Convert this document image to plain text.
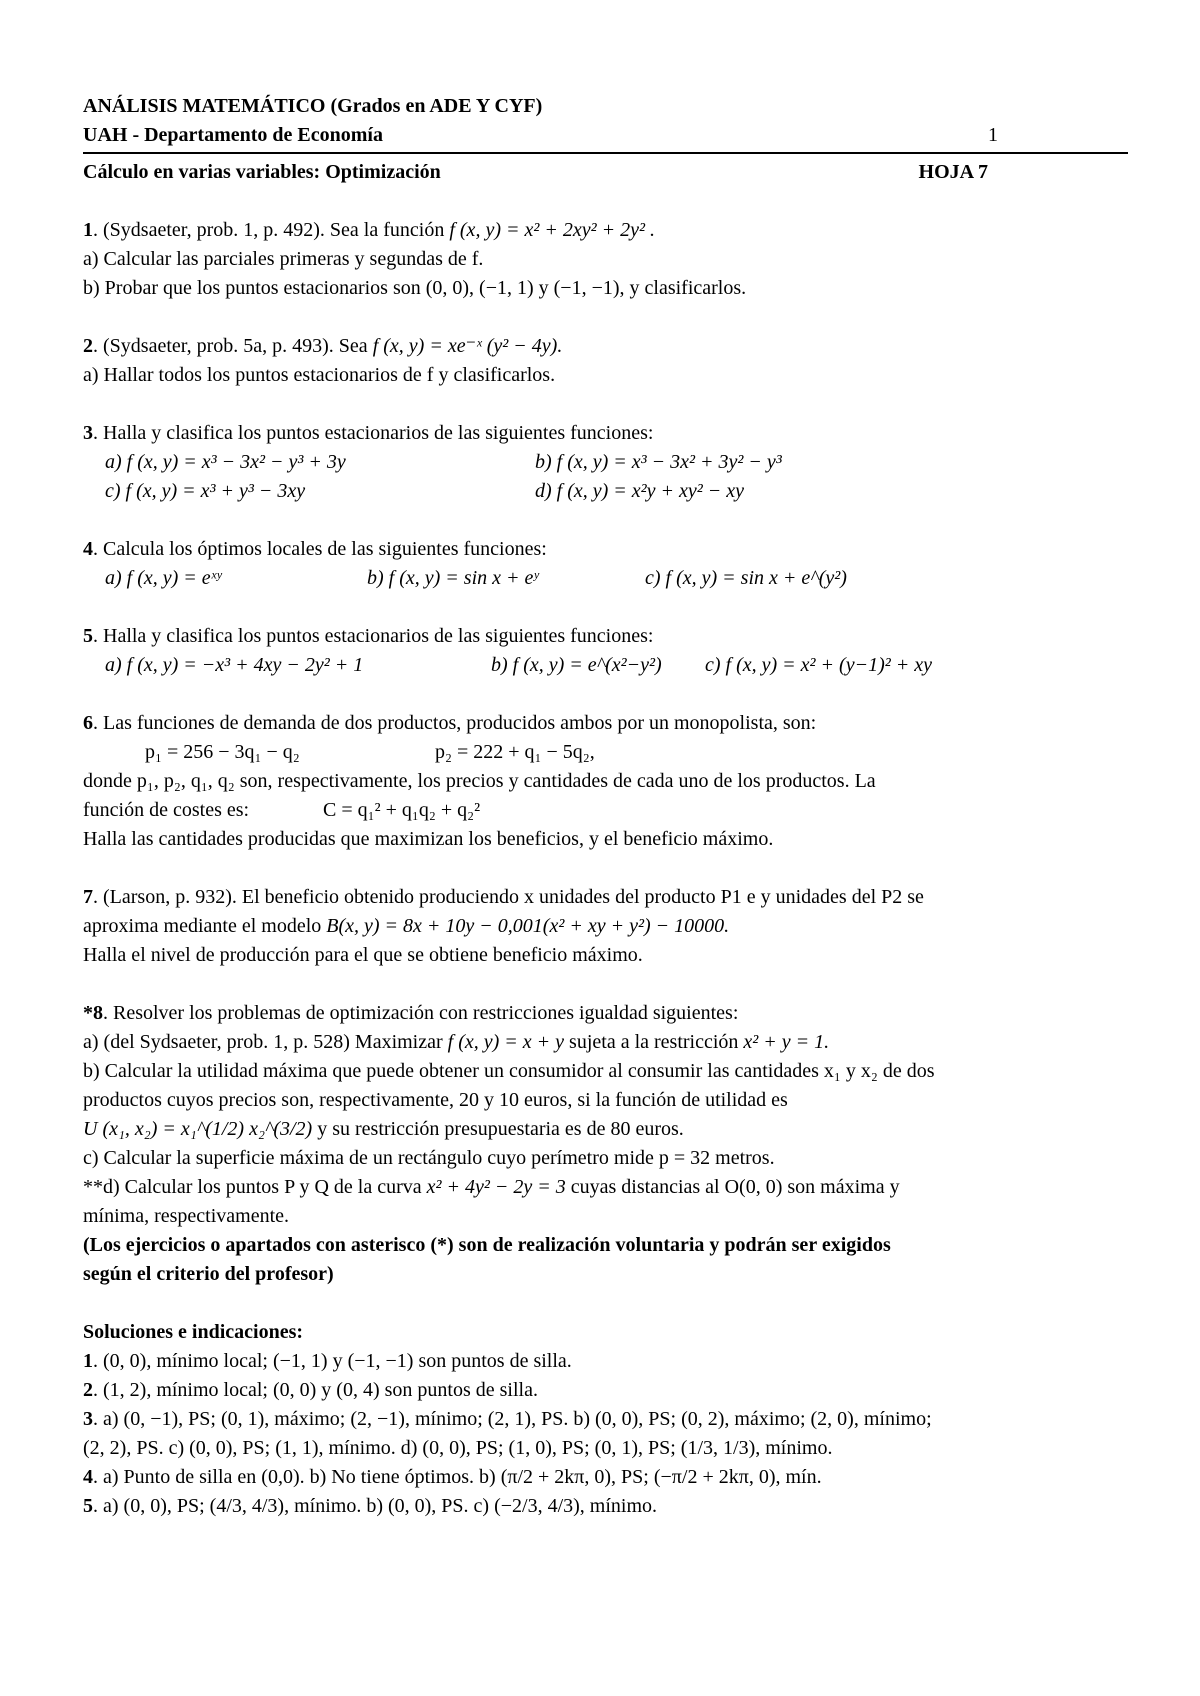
ANÁLISIS MATEMÁTICO (Grados en ADE Y CYF)
UAH - Departamento de Economía	1
Cálculo en varias variables: Optimización	HOJA 7
1. (Sydsaeter, prob. 1, p. 492). Sea la función f (x, y) = x² + 2xy² + 2y² .
a) Calcular las parciales primeras y segundas de f.
b) Probar que los puntos estacionarios son (0, 0), (−1, 1) y (−1, −1), y clasificarlos.
2. (Sydsaeter, prob. 5a, p. 493). Sea f (x, y) = xe⁻ˣ (y² − 4y).
a) Hallar todos los puntos estacionarios de f y clasificarlos.
3. Halla y clasifica los puntos estacionarios de las siguientes funciones:
a) f (x, y) = x³ − 3x² − y³ + 3y	b) f (x, y) = x³ − 3x² + 3y² − y³
c) f (x, y) = x³ + y³ − 3xy	d) f (x, y) = x²y + xy² − xy
4. Calcula los óptimos locales de las siguientes funciones:
a) f (x, y) = eˣʸ	b) f (x, y) = sin x + eʸ	c) f (x, y) = sin x + e^(y²)
5. Halla y clasifica los puntos estacionarios de las siguientes funciones:
a) f (x, y) = −x³ + 4xy − 2y² + 1	b) f (x, y) = e^(x²−y²)	c) f (x, y) = x² + (y−1)² + xy
6. Las funciones de demanda de dos productos, producidos ambos por un monopolista, son:
p₁ = 256 − 3q₁ − q₂	p₂ = 222 + q₁ − 5q₂,
donde p₁, p₂, q₁, q₂ son, respectivamente, los precios y cantidades de cada uno de los productos. La
función de costes es:	C = q₁² + q₁q₂ + q₂²
Halla las cantidades producidas que maximizan los beneficios, y el beneficio máximo.
7. (Larson, p. 932). El beneficio obtenido produciendo x unidades del producto P1 e y unidades del P2 se
aproxima mediante el modelo B(x, y) = 8x + 10y − 0,001(x² + xy + y²) − 10000.
Halla el nivel de producción para el que se obtiene beneficio máximo.
*8. Resolver los problemas de optimización con restricciones igualdad siguientes:
a) (del Sydsaeter, prob. 1, p. 528) Maximizar f (x, y) = x + y sujeta a la restricción x² + y = 1.
b) Calcular la utilidad máxima que puede obtener un consumidor al consumir las cantidades x₁ y x₂ de dos
productos cuyos precios son, respectivamente, 20 y 10 euros, si la función de utilidad es
U (x₁, x₂) = x₁^(1/2) x₂^(3/2) y su restricción presupuestaria es de 80 euros.
c) Calcular la superficie máxima de un rectángulo cuyo perímetro mide p = 32 metros.
**d) Calcular los puntos P y Q de la curva x² + 4y² − 2y = 3 cuyas distancias al O(0, 0) son máxima y
mínima, respectivamente.
(Los ejercicios o apartados con asterisco (*) son de realización voluntaria y podrán ser exigidos
según el criterio del profesor)
Soluciones e indicaciones:
1. (0, 0), mínimo local; (−1, 1) y (−1, −1) son puntos de silla.
2. (1, 2), mínimo local; (0, 0) y (0, 4) son puntos de silla.
3. a) (0, −1), PS; (0, 1), máximo; (2, −1), mínimo; (2, 1), PS. b) (0, 0), PS; (0, 2), máximo; (2, 0), mínimo;
(2, 2), PS. c) (0, 0), PS; (1, 1), mínimo. d) (0, 0), PS; (1, 0), PS; (0, 1), PS; (1/3, 1/3), mínimo.
4. a) Punto de silla en (0,0). b) No tiene óptimos. b) (π/2 + 2kπ, 0), PS; (−π/2 + 2kπ, 0), mín.
5. a) (0, 0), PS; (4/3, 4/3), mínimo. b) (0, 0), PS. c) (−2/3, 4/3), mínimo.
